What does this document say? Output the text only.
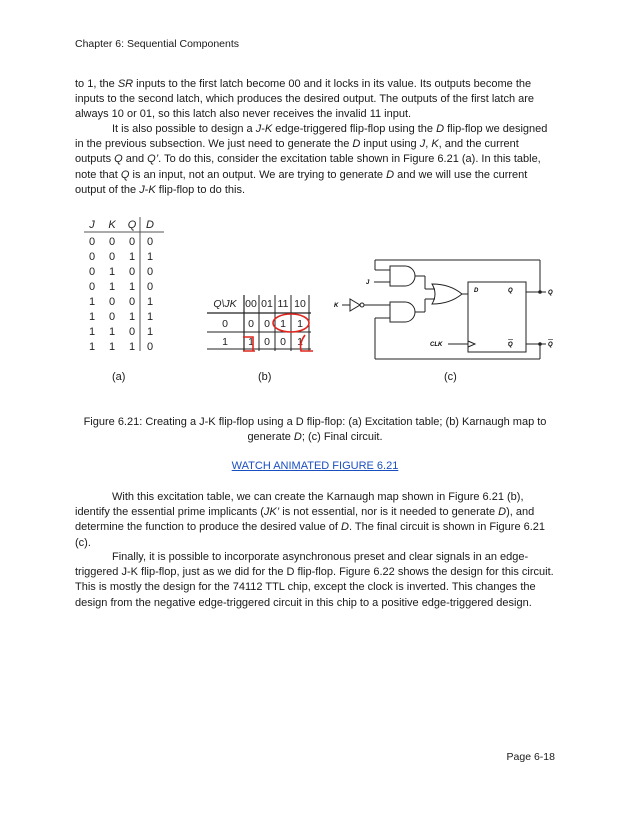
Chapter 6: Sequential Components

to 1, the SR inputs to the first latch become 00 and it locks in its value. Its outputs become the inputs to the second latch, which produces the desired output. The outputs of the first latch are always 10 or 01, so this latch also never receives the invalid 11 input.

It is also possible to design a J-K edge-triggered flip-flop using the D flip-flop we designed in the previous subsection. We just need to generate the D input using J, K, and the current outputs Q and Q’. To do this, consider the excitation table shown in Figure 6.21 (a). In this table, note that Q is an input, not an output. We are trying to generate D and we will use the current output of the J-K flip-flop to do this.

J K Q D
0 0 0 0
0 0 1 1
0 1 0 0
0 1 1 0
1 0 0 1
1 0 1 1
1 1 0 1
1 1 1 0
Q\JK 00 01 11 10
0 0 0 1 1
1 1 0 0 1
J
K
D	Q
Q
CLK
Q
Q
(a)	(b)	(c)
Figure 6.21: Creating a J-K flip-flop using a D flip-flop: (a) Excitation table; (b) Karnaugh map to
generate D; (c) Final circuit.
WATCH ANIMATED FIGURE 6.21

With this excitation table, we can create the Karnaugh map shown in Figure 6.21 (b), identify the essential prime implicants (JK’ is not essential, nor is it needed to generate D), and determine the function to produce the desired value of D. The final circuit is shown in Figure 6.21 (c).

Finally, it is possible to incorporate asynchronous preset and clear signals in an edge-triggered J-K flip-flop, just as we did for the D flip-flop. Figure 6.22 shows the design for this circuit. This is mostly the design for the 74112 TTL chip, except the clock is inverted. This changes the design from the negative edge-triggered circuit in this chip to a positive edge-triggered design.

Page 6-18
